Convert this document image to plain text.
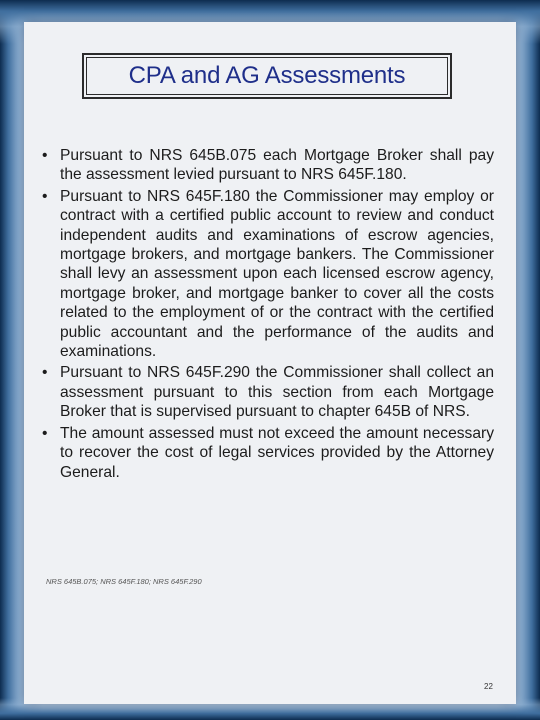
CPA and AG Assessments
• Pursuant to NRS 645B.075 each Mortgage Broker shall pay the assessment levied pursuant to NRS 645F.180.
• Pursuant to NRS 645F.180 the Commissioner may employ or contract with a certified public account to review and conduct independent audits and examinations of escrow agencies, mortgage brokers, and mortgage bankers. The Commissioner shall levy an assessment upon each licensed escrow agency, mortgage broker, and mortgage banker to cover all the costs related to the employment of or the contract with the certified public accountant and the performance of the audits and examinations.
• Pursuant to NRS 645F.290 the Commissioner shall collect an assessment pursuant to this section from each Mortgage Broker that is supervised pursuant to chapter 645B of NRS.
• The amount assessed must not exceed the amount necessary to recover the cost of legal services provided by the Attorney General.

NRS 645B.075; NRS 645F.180; NRS 645F.290

22
